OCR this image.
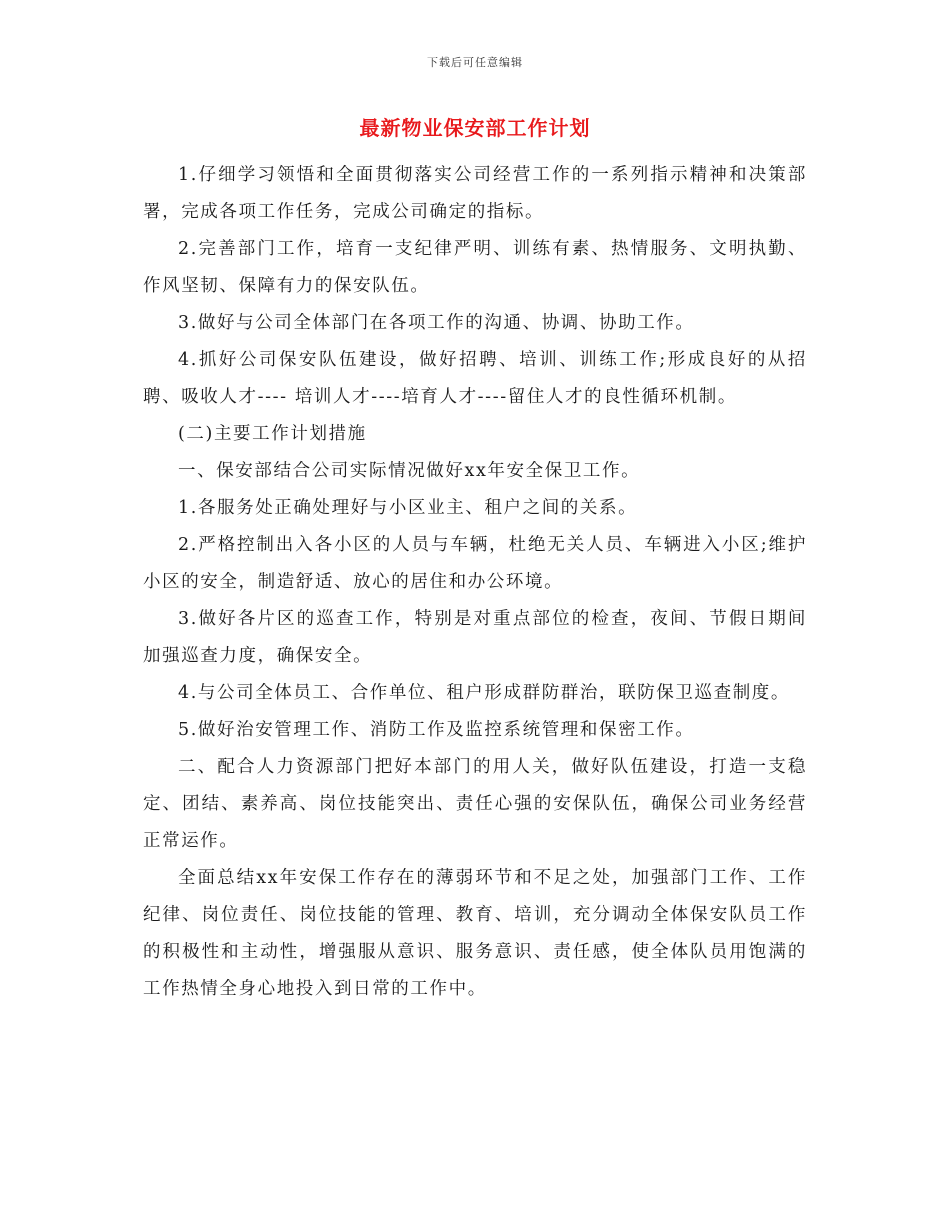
下载后可任意编辑
最新物业保安部工作计划

1.仔细学习领悟和全面贯彻落实公司经营工作的一系列指示精神和决策部署，完成各项工作任务，完成公司确定的指标。

2.完善部门工作，培育一支纪律严明、训练有素、热情服务、文明执勤、作风坚韧、保障有力的保安队伍。

3.做好与公司全体部门在各项工作的沟通、协调、协助工作。

4.抓好公司保安队伍建设，做好招聘、培训、训练工作;形成良好的从招聘、吸收人才---- 培训人才----培育人才----留住人才的良性循环机制。

(二)主要工作计划措施

一、保安部结合公司实际情况做好xx年安全保卫工作。

1.各服务处正确处理好与小区业主、租户之间的关系。

2.严格控制出入各小区的人员与车辆，杜绝无关人员、车辆进入小区;维护小区的安全，制造舒适、放心的居住和办公环境。

3.做好各片区的巡查工作，特别是对重点部位的检查，夜间、节假日期间加强巡查力度，确保安全。

4.与公司全体员工、合作单位、租户形成群防群治，联防保卫巡查制度。

5.做好治安管理工作、消防工作及监控系统管理和保密工作。

二、配合人力资源部门把好本部门的用人关，做好队伍建设，打造一支稳定、团结、素养高、岗位技能突出、责任心强的安保队伍，确保公司业务经营正常运作。

全面总结xx年安保工作存在的薄弱环节和不足之处，加强部门工作、工作纪律、岗位责任、岗位技能的管理、教育、培训，充分调动全体保安队员工作的积极性和主动性，增强服从意识、服务意识、责任感，使全体队员用饱满的工作热情全身心地投入到日常的工作中。
